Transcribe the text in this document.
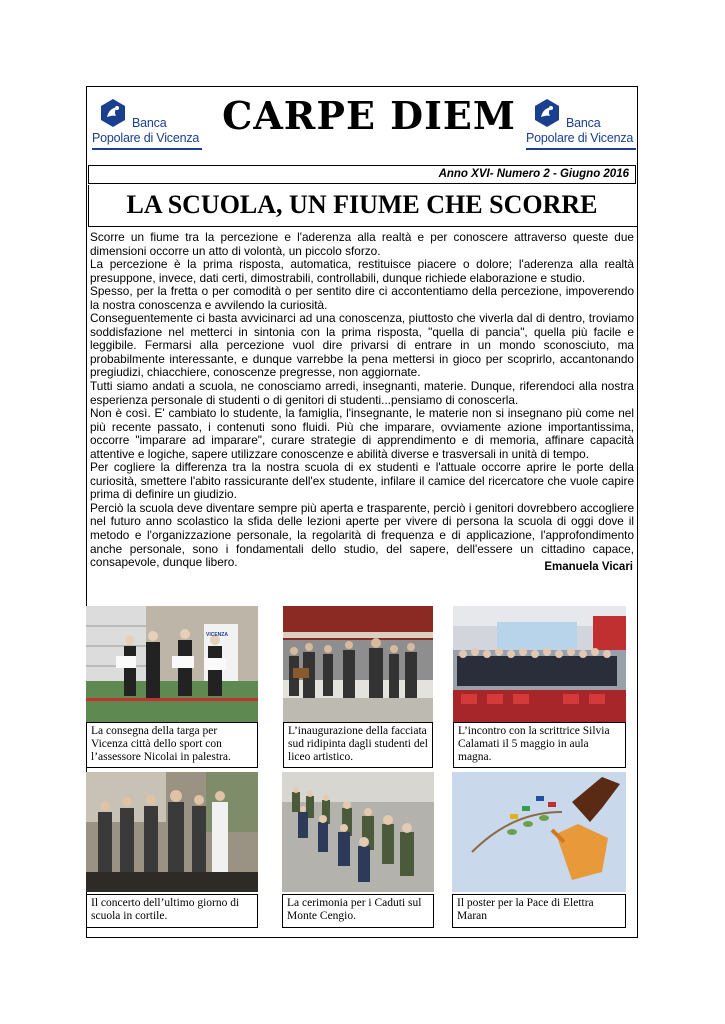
Banca
Popolare di Vicenza CARPE DIEM	Banca
Popolare di Vicenza
Anno XVI- Numero 2 - Giugno 2016
LA SCUOLA, UN FIUME CHE SCORRE

Scorre un fiume tra la percezione e l'aderenza alla realtà e per conoscere attraverso queste due dimensioni occorre un atto di volontà, un piccolo sforzo.

La percezione è la prima risposta, automatica, restituisce piacere o dolore; l'aderenza alla realtà presuppone, invece, dati certi, dimostrabili, controllabili, dunque richiede elaborazione e studio.

Spesso, per la fretta o per comodità o per sentito dire ci accontentiamo della percezione, impoverendo la nostra conoscenza e avvilendo la curiosità.

Conseguentemente ci basta avvicinarci ad una conoscenza, piuttosto che viverla dal di dentro, troviamo soddisfazione nel metterci in sintonia con la prima risposta, "quella di pancia", quella più facile e leggibile. Fermarsi alla percezione vuol dire privarsi di entrare in un mondo sconosciuto, ma probabilmente interessante, e dunque varrebbe la pena mettersi in gioco per scoprirlo, accantonando pregiudizi, chiacchiere, conoscenze pregresse, non aggiornate.

Tutti siamo andati a scuola, ne conosciamo arredi, insegnanti, materie. Dunque, riferendoci alla nostra esperienza personale di studenti o di genitori di studenti...pensiamo di conoscerla.

Non è così. E' cambiato lo studente, la famiglia, l'insegnante, le materie non si insegnano più come nel più recente passato, i contenuti sono fluidi. Più che imparare, ovviamente azione importantissima, occorre "imparare ad imparare", curare strategie di apprendimento e di memoria, affinare capacità attentive e logiche, sapere utilizzare conoscenze e abilità diverse e trasversali in unità di tempo.

Per cogliere la differenza tra la nostra scuola di ex studenti e l'attuale occorre aprire le porte della curiosità, smettere l'abito rassicurante dell'ex studente, infilare il camice del ricercatore che vuole capire prima di definire un giudizio.

Perciò la scuola deve diventare sempre più aperta e trasparente, perciò i genitori dovrebbero accogliere nel futuro anno scolastico la sfida delle lezioni aperte per vivere di persona la scuola di oggi dove il metodo e l'organizzazione personale, la regolarità di frequenza e di applicazione, l'approfondimento anche personale, sono i fondamentali dello studio, del sapere, dell'essere un cittadino capace, consapevole, dunque libero.	Emanuela Vicari
VICENZA
La consegna della targa per Vicenza città dello sport con l’assessore Nicolai in palestra.
L’inaugurazione della facciata sud ridipinta dagli studenti del liceo artistico.
L’incontro con la scrittrice Silvia Calamati il 5 maggio in aula magna.
Il concerto dell’ultimo giorno di scuola in cortile.
La cerimonia per i Caduti sul Monte Cengio.
Il poster per la Pace di Elettra Maran
